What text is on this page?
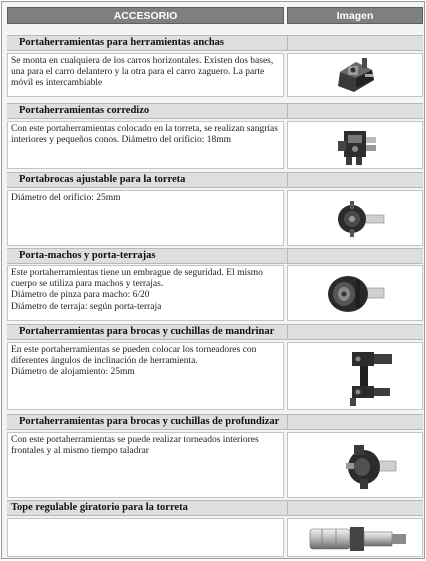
ACCESORIO	Imagen
Portaherramientas para herramientas anchas

Se monta en cualquiera de los carros horizontales. Existen dos bases, una para el carro delantero y la otra para el carro zaguero. La parte móvil es intercambiable

Portaherramientas corredizo

Con este portaherramientas colocado en la torreta, se realizan sangrías interiores y pequeños conos. Diámetro del orificio: 18mm

Portabrocas ajustable para la torreta

Diámetro del orificio: 25mm

Porta-machos y porta-terrajas

Este portaherramientas tiene un embrague de seguridad. El mismo cuerpo se utiliza para machos y terrajas.

Diámetro de pinza para macho: 6/20

Diámetro de terraja: según porta-terraja

Portaherramientas para brocas y cuchillas de mandrinar

En este portaherramientas se pueden colocar los torneadores con diferentes ángulos de inclinación de herramienta.

Diámetro de alojamiento: 25mm

Portaherramientas para brocas y cuchillas de profundizar

Con este portaherramientas se puede realizar torneados interiores frontales y al mismo tiempo taladrar

Tope regulable giratorio para la torreta
